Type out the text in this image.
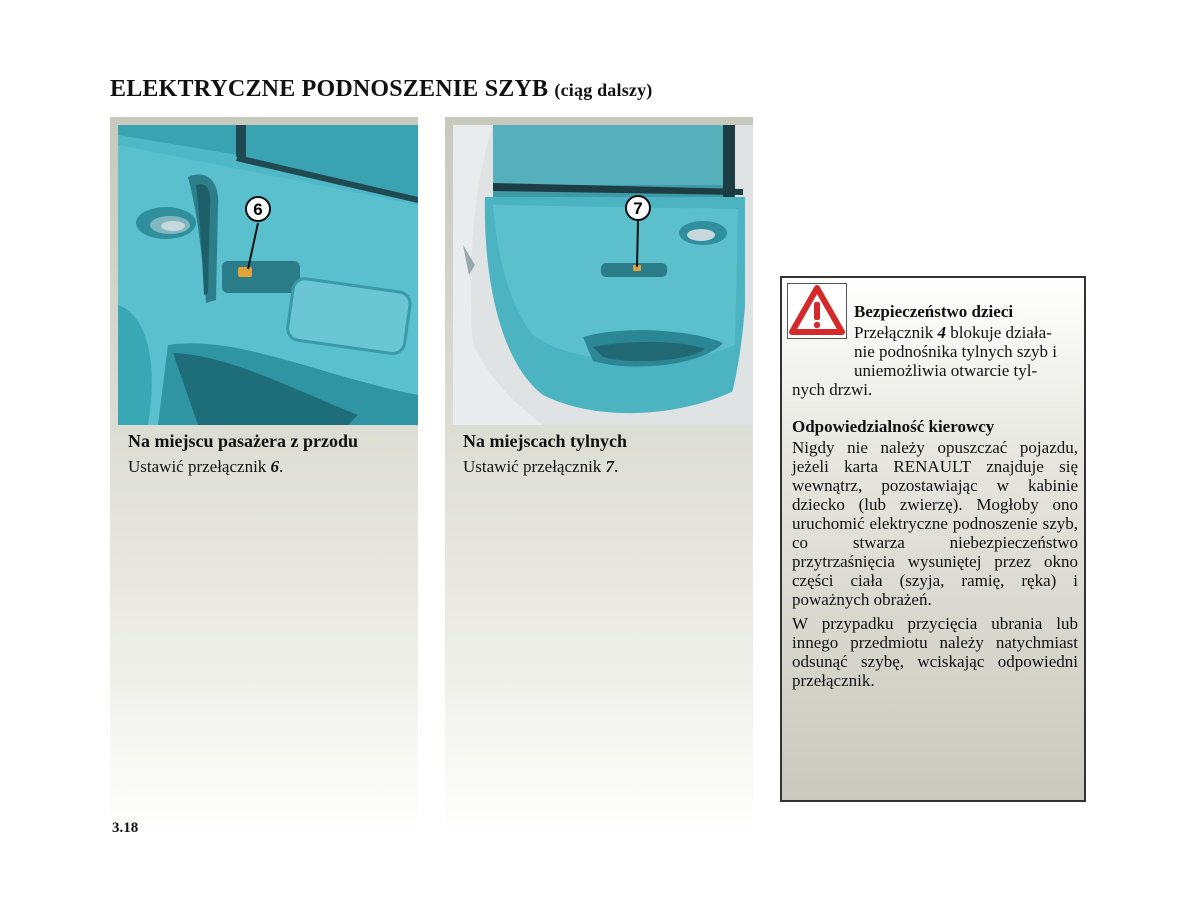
ELEKTRYCZNE PODNOSZENIE SZYB (ciąg dalszy)
6
Na miejscu pasażera z przodu
Ustawić przełącznik 6.
7
Na miejscach tylnych
Ustawić przełącznik 7.
Bezpieczeństwo dzieci
Przełącznik 4 blokuje działa-
nie podnośnika tylnych szyb i
uniemożliwia otwarcie tyl-
nych drzwi.
Odpowiedzialność kierowcy
Nigdy nie należy opuszczać pojazdu, jeżeli karta RENAULT znajduje się wewnątrz, pozostawiając w kabinie dziecko (lub zwierzę). Mogłoby ono uruchomić elektryczne podnoszenie szyb, co stwarza niebezpieczeństwo przytrzaśnięcia wysuniętej przez okno części ciała (szyja, ramię, ręka) i poważnych obrażeń.
W przypadku przycięcia ubrania lub innego przedmiotu należy natychmiast odsunąć szybę, wciskając odpowiedni przełącznik.
3.18
